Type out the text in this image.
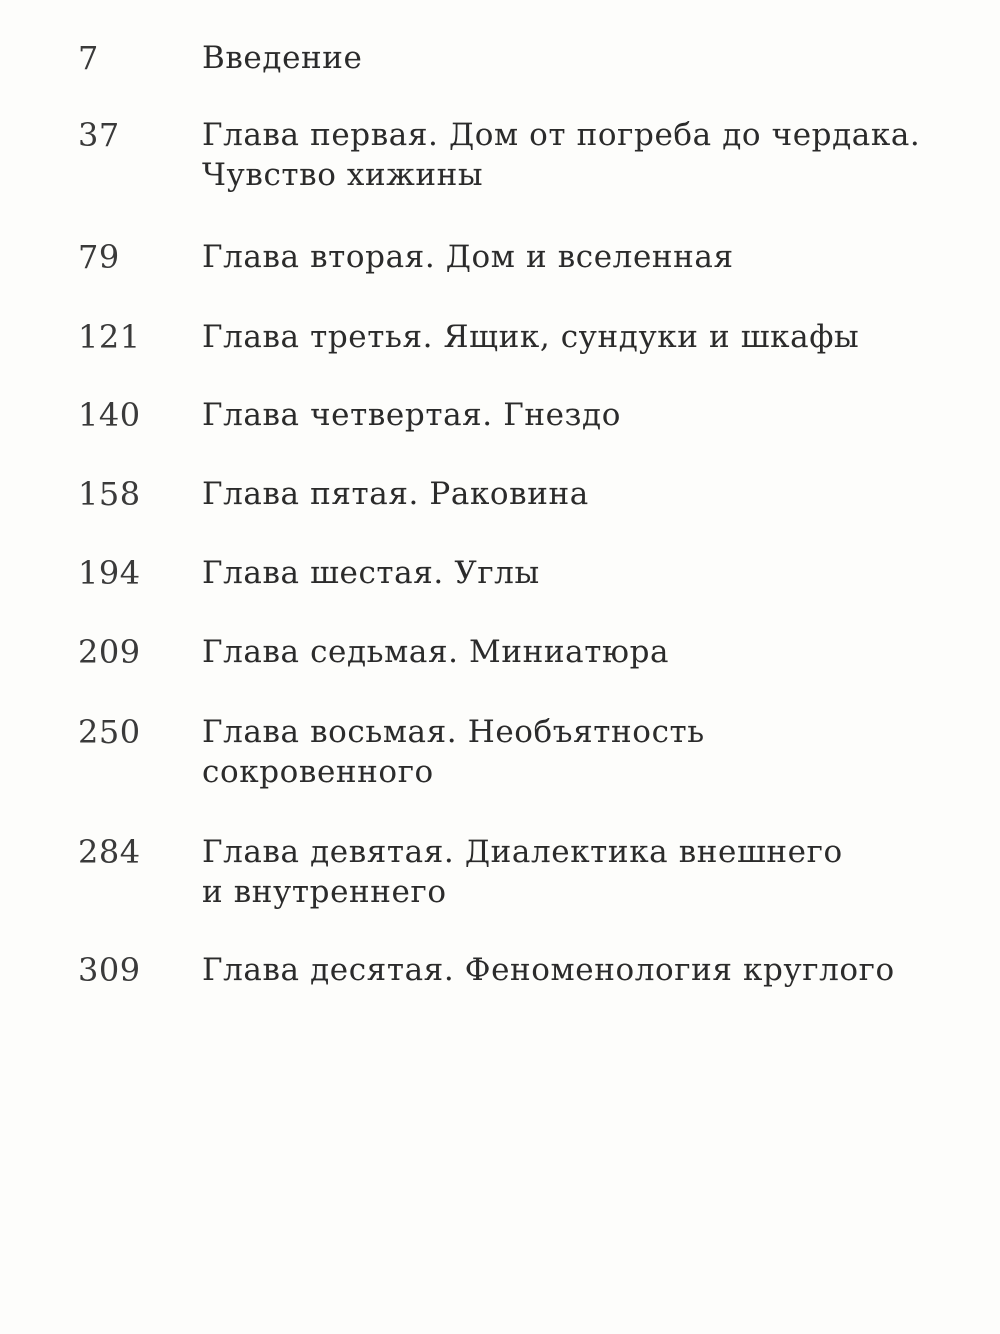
7	Введение
37	Глава первая. Дом от погреба до чердака.
Чувство хижины
79	Глава вторая. Дом и вселенная
121	Глава третья. Ящик, сундуки и шкафы
140	Глава четвертая. Гнездо
158	Глава пятая. Раковина
194	Глава шестая. Углы
209	Глава седьмая. Миниатюра
250	Глава восьмая. Необъятность
сокровенного
284	Глава девятая. Диалектика внешнего
и внутреннего
309	Глава десятая. Феноменология круглого
